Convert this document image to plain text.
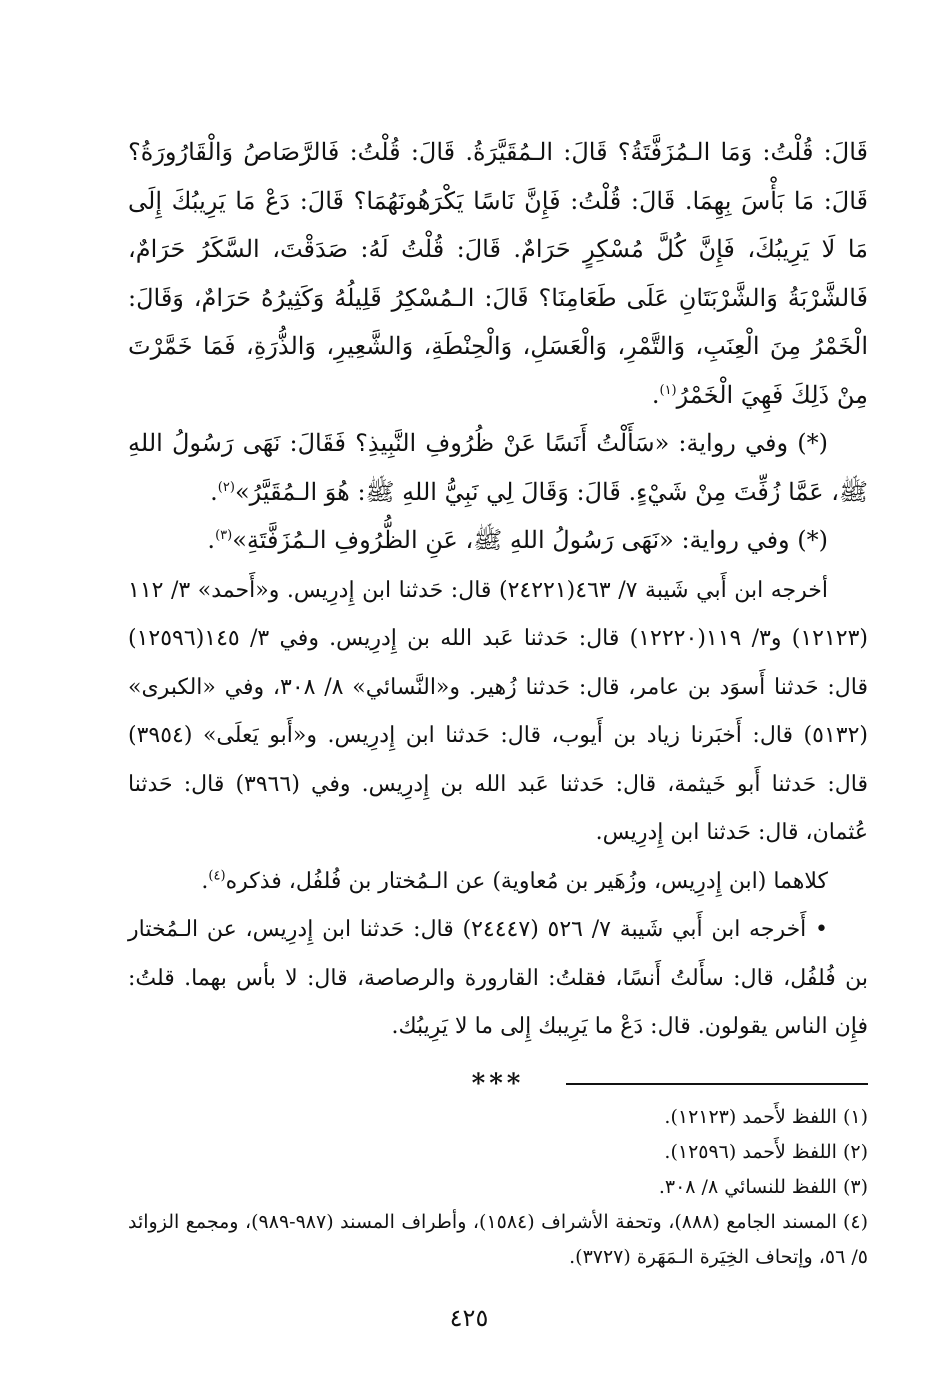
قَالَ: قُلْتُ: وَمَا الـمُزَفَّتَةُ؟ قَالَ: الـمُقَيَّرَةُ. قَالَ: قُلْتُ: فَالرَّصَاصُ وَالْقَارُورَةُ؟ قَالَ: مَا بَأْسَ بِهِمَا. قَالَ: قُلْتُ: فَإِنَّ نَاسًا يَكْرَهُونَهُمَا؟ قَالَ: دَعْ مَا يَرِيبُكَ إِلَى مَا لَا يَرِيبُكَ، فَإِنَّ كُلَّ مُسْكِرٍ حَرَامٌ. قَالَ: قُلْتُ لَهُ: صَدَقْتَ، السَّكَرُ حَرَامٌ، فَالشَّرْبَةُ وَالشَّرْبَتَانِ عَلَى طَعَامِنَا؟ قَالَ: الـمُسْكِرُ قَلِيلُهُ وَكَثِيرُهُ حَرَامٌ، وَقَالَ: الْخَمْرُ مِنَ الْعِنَبِ، وَالتَّمْرِ، وَالْعَسَلِ، وَالْحِنْطَةِ، وَالشَّعِيرِ، وَالذُّرَةِ، فَمَا خَمَّرْتَ مِنْ ذَلِكَ فَهِيَ الْخَمْرُ$^{(١)}$.

(*) وفي رواية: «سَأَلْتُ أَنَسًا عَنْ ظُرُوفِ النَّبِيذِ؟ فَقَالَ: نَهَى رَسُولُ اللهِ ﷺ، عَمَّا زُفِّتَ مِنْ شَيْءٍ. قَالَ: وَقَالَ لِي نَبِيُّ اللهِ ﷺ: هُوَ الـمُقَيَّرُ»$^{(٢)}$.

(*) وفي رواية: «نَهَى رَسُولُ اللهِ ﷺ، عَنِ الظُّرُوفِ الـمُزَفَّتَةِ»$^{(٣)}$.

أخرجه ابن أَبي شَيبة ٧/ ٤٦٣(٢٤٢٢١) قال: حَدثنا ابن إِدرِيس. و«أَحمد» ٣/ ١١٢ (١٢١٢٣) و٣/ ١١٩(١٢٢٢٠) قال: حَدثنا عَبد الله بن إِدرِيس. وفي ٣/ ١٤٥(١٢٥٩٦) قال: حَدثنا أَسوَد بن عامر، قال: حَدثنا زُهير. و«النَّسائي» ٨/ ٣٠٨، وفي «الكبرى» (٥١٣٢) قال: أَخبَرنا زياد بن أَيوب، قال: حَدثنا ابن إِدرِيس. و«أَبو يَعلَى» (٣٩٥٤) قال: حَدثنا أَبو خَيثمة، قال: حَدثنا عَبد الله بن إِدرِيس. وفي (٣٩٦٦) قال: حَدثنا عُثمان، قال: حَدثنا ابن إِدرِيس.

كلاهما (ابن إِدرِيس، وزُهَير بن مُعاوية) عن الـمُختار بن فُلفُل، فذكره$^{(٤)}$.

• أَخرجه ابن أَبي شَيبة ٧/ ٥٢٦ (٢٤٤٤٧) قال: حَدثنا ابن إِدرِيس، عن الـمُختار بن فُلفُل، قال: سأَلتُ أَنسًا، فقلتُ: القارورة والرصاصة، قال: لا بأس بهما. قلتُ: فإِن الناس يقولون. قال: دَعْ ما يَرِيبك إِلى ما لا يَرِيبُك.

***

(١)اللفظ لأَحمد (١٢١٢٣).

(٢)اللفظ لأَحمد (١٢٥٩٦).

(٣)اللفظ للنسائي ٨/ ٣٠٨.

(٤)المسند الجامع (٨٨٨)، وتحفة الأشراف (١٥٨٤)، وأطراف المسند (٩٨٧-٩٨٩)، ومجمع الزوائد ٥/ ٥٦، وإتحاف الخِيَرة الـمَهَرة (٣٧٢٧).

٤٢٥
